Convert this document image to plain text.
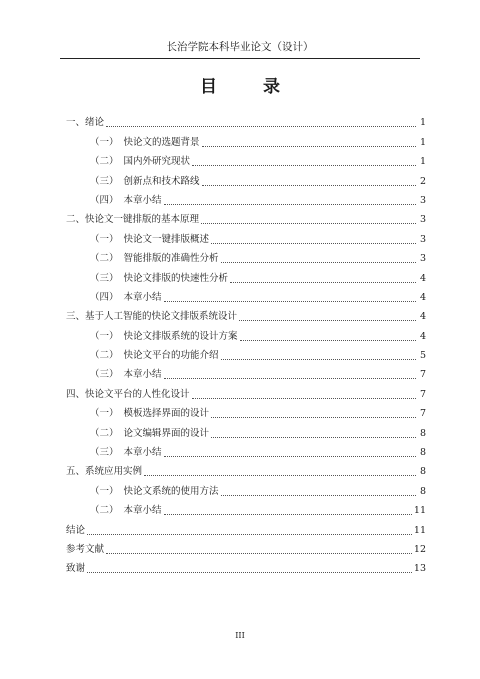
长治学院本科毕业论文（设计）
目 录
一、绪论	1
（一） 快论文的选题背景	1
（二） 国内外研究现状	1
（三） 创新点和技术路线	2
（四） 本章小结	3
二、快论文一键排版的基本原理	3
（一） 快论文一键排版概述	3
（二） 智能排版的准确性分析	3
（三） 快论文排版的快速性分析	4
（四） 本章小结	4
三、基于人工智能的快论文排版系统设计	4
（一） 快论文排版系统的设计方案	4
（二） 快论文平台的功能介绍	5
（三） 本章小结	7
四、快论文平台的人性化设计	7
（一） 模板选择界面的设计	7
（二） 论文编辑界面的设计	8
（三） 本章小结	8
五、系统应用实例	8
（一） 快论文系统的使用方法	8
（二） 本章小结	11
结论	11
参考文献	12
致谢	13
III
